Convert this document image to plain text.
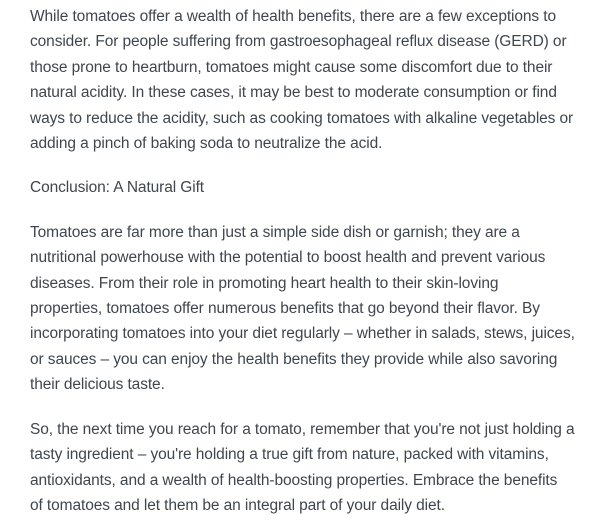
While tomatoes offer a wealth of health benefits, there are a few exceptions to
consider. For people suffering from gastroesophageal reflux disease (GERD) or
those prone to heartburn, tomatoes might cause some discomfort due to their
natural acidity. In these cases, it may be best to moderate consumption or find
ways to reduce the acidity, such as cooking tomatoes with alkaline vegetables or
adding a pinch of baking soda to neutralize the acid.

Conclusion: A Natural Gift

Tomatoes are far more than just a simple side dish or garnish; they are a
nutritional powerhouse with the potential to boost health and prevent various
diseases. From their role in promoting heart health to their skin-loving
properties, tomatoes offer numerous benefits that go beyond their flavor. By
incorporating tomatoes into your diet regularly – whether in salads, stews, juices,
or sauces – you can enjoy the health benefits they provide while also savoring
their delicious taste.

So, the next time you reach for a tomato, remember that you're not just holding a
tasty ingredient – you're holding a true gift from nature, packed with vitamins,
antioxidants, and a wealth of health-boosting properties. Embrace the benefits
of tomatoes and let them be an integral part of your daily diet.
